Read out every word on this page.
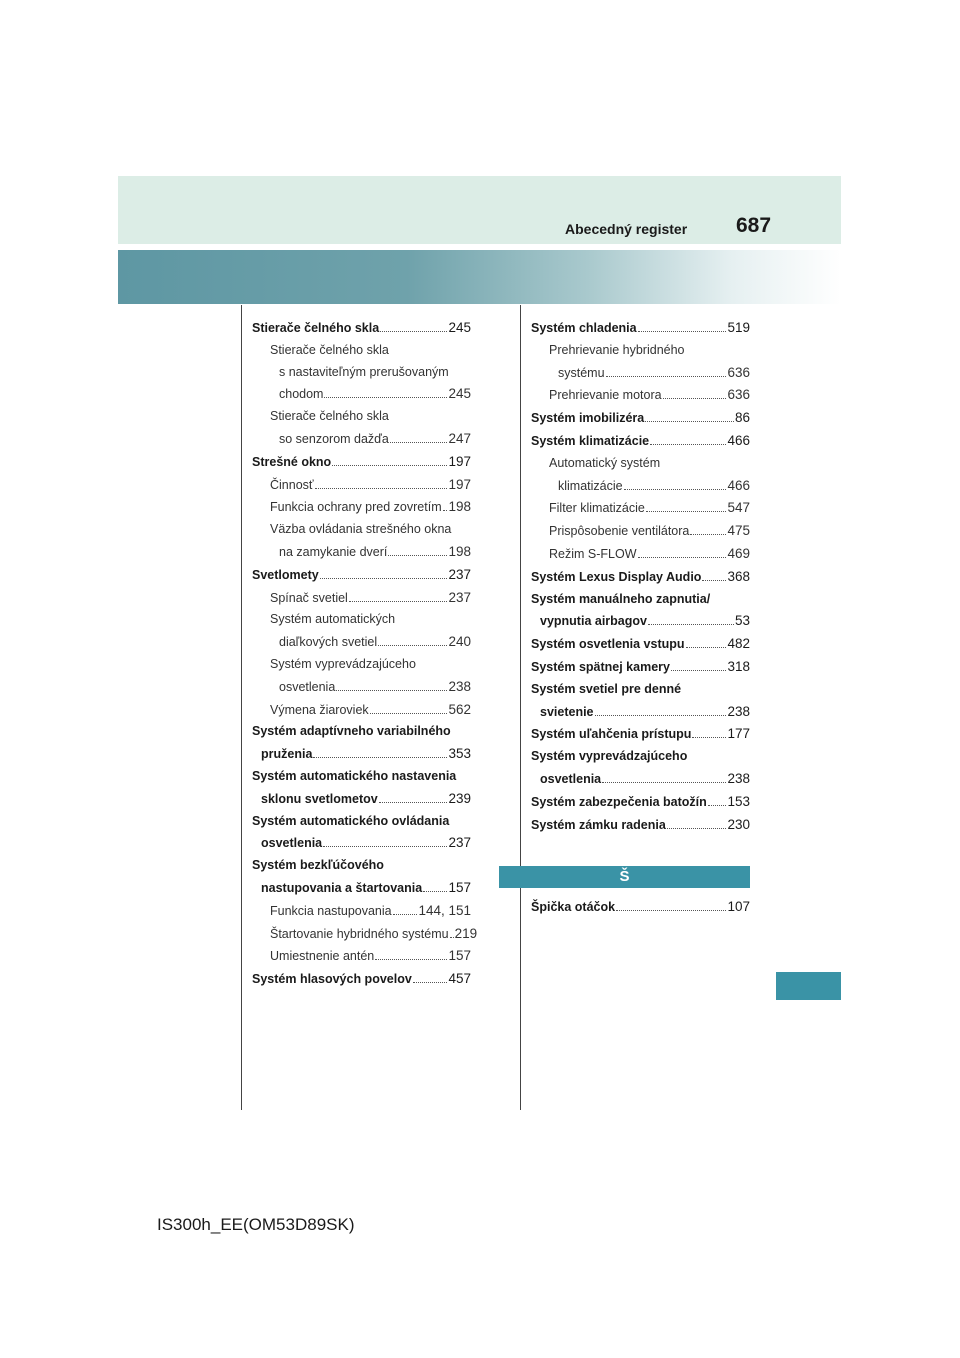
Abecedný register 687
Stierače čelného skla	245
Stierače čelného skla
s nastaviteľným prerušovaným
chodom	245
Stierače čelného skla
so senzorom dažďa	247
Strešné okno	197
Činnosť	197
Funkcia ochrany pred zovretím 198
Väzba ovládania strešného okna
na zamykanie dverí	198
Svetlomety	237
Spínač svetiel	237
Systém automatických
diaľkových svetiel	240
Systém vyprevádzajúceho
osvetlenia	238
Výmena žiaroviek	562
Systém adaptívneho variabilného
pruženia	353
Systém automatického nastavenia
sklonu svetlometov	239
Systém automatického ovládania
osvetlenia	237
Systém bezkľúčového
nastupovania a štartovania 157
Funkcia nastupovania 144, 151
Štartovanie hybridného systému 219
Umiestnenie antén	157
Systém hlasových povelov	457
Systém chladenia	519
Prehrievanie hybridného
systému	636
Prehrievanie motora	636
Systém imobilizéra	86
Systém klimatizácie	466
Automatický systém
klimatizácie	466
Filter klimatizácie	547
Prispôsobenie ventilátora	475
Režim S-FLOW	469
Systém Lexus Display Audio 368
Systém manuálneho zapnutia/
vypnutia airbagov	53
Systém osvetlenia vstupu	482
Systém spätnej kamery	318
Systém svetiel pre denné
svietenie	238
Systém uľahčenia prístupu	177
Systém vyprevádzajúceho
osvetlenia	238
Systém zabezpečenia batožín 153
Systém zámku radenia	230
Š
Špička otáčok	107
IS300h_EE(OM53D89SK)
